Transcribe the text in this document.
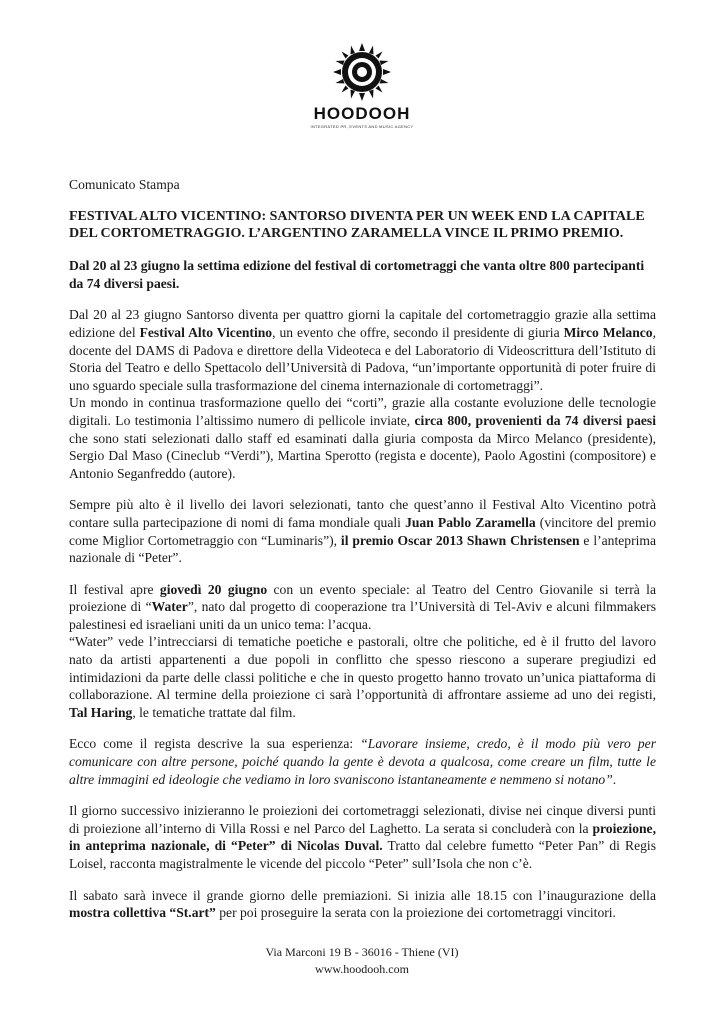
HOODOOH
INTEGRATED PR, EVENTS AND MUSIC AGENCY

Comunicato Stampa

FESTIVAL ALTO VICENTINO: SANTORSO DIVENTA PER UN WEEK END LA CAPITALE DEL CORTOMETRAGGIO. L’ARGENTINO ZARAMELLA VINCE IL PRIMO PREMIO.

Dal 20 al 23 giugno la settima edizione del festival di cortometraggi che vanta oltre 800 partecipanti da 74 diversi paesi.

Dal 20 al 23 giugno Santorso diventa per quattro giorni la capitale del cortometraggio grazie alla settima edizione del Festival Alto Vicentino, un evento che offre, secondo il presidente di giuria Mirco Melanco, docente del DAMS di Padova e direttore della Videoteca e del Laboratorio di Videoscrittura dell’Istituto di Storia del Teatro e dello Spettacolo dell’Università di Padova, “un’importante opportunità di poter fruire di uno sguardo speciale sulla trasformazione del cinema internazionale di cortometraggi”.

Un mondo in continua trasformazione quello dei “corti”, grazie alla costante evoluzione delle tecnologie digitali. Lo testimonia l’altissimo numero di pellicole inviate, circa 800, provenienti da 74 diversi paesi che sono stati selezionati dallo staff ed esaminati dalla giuria composta da Mirco Melanco (presidente), Sergio Dal Maso (Cineclub “Verdi”), Martina Sperotto (regista e docente), Paolo Agostini (compositore) e Antonio Seganfreddo (autore).

Sempre più alto è il livello dei lavori selezionati, tanto che quest’anno il Festival Alto Vicentino potrà contare sulla partecipazione di nomi di fama mondiale quali Juan Pablo Zaramella (vincitore del premio come Miglior Cortometraggio con “Luminaris”), il premio Oscar 2013 Shawn Christensen e l’anteprima nazionale di “Peter”.

Il festival apre giovedì 20 giugno con un evento speciale: al Teatro del Centro Giovanile si terrà la proiezione di “Water”, nato dal progetto di cooperazione tra l’Università di Tel-Aviv e alcuni filmmakers palestinesi ed israeliani uniti da un unico tema: l’acqua.

“Water” vede l’intrecciarsi di tematiche poetiche e pastorali, oltre che politiche, ed è il frutto del lavoro nato da artisti appartenenti a due popoli in conflitto che spesso riescono a superare pregiudizi ed intimidazioni da parte delle classi politiche e che in questo progetto hanno trovato un’unica piattaforma di collaborazione. Al termine della proiezione ci sarà l’opportunità di affrontare assieme ad uno dei registi, Tal Haring, le tematiche trattate dal film.

Ecco come il regista descrive la sua esperienza: “Lavorare insieme, credo, è il modo più vero per comunicare con altre persone, poiché quando la gente è devota a qualcosa, come creare un film, tutte le altre immagini ed ideologie che vediamo in loro svaniscono istantaneamente e nemmeno si notano”.

Il giorno successivo inizieranno le proiezioni dei cortometraggi selezionati, divise nei cinque diversi punti di proiezione all’interno di Villa Rossi e nel Parco del Laghetto. La serata si concluderà con la proiezione, in anteprima nazionale, di “Peter” di Nicolas Duval. Tratto dal celebre fumetto “Peter Pan” di Regis Loisel, racconta magistralmente le vicende del piccolo “Peter” sull’Isola che non c’è.

Il sabato sarà invece il grande giorno delle premiazioni. Si inizia alle 18.15 con l’inaugurazione della mostra collettiva “St.art” per poi proseguire la serata con la proiezione dei cortometraggi vincitori.

Via Marconi 19 B - 36016 - Thiene (VI)
www.hoodooh.com
